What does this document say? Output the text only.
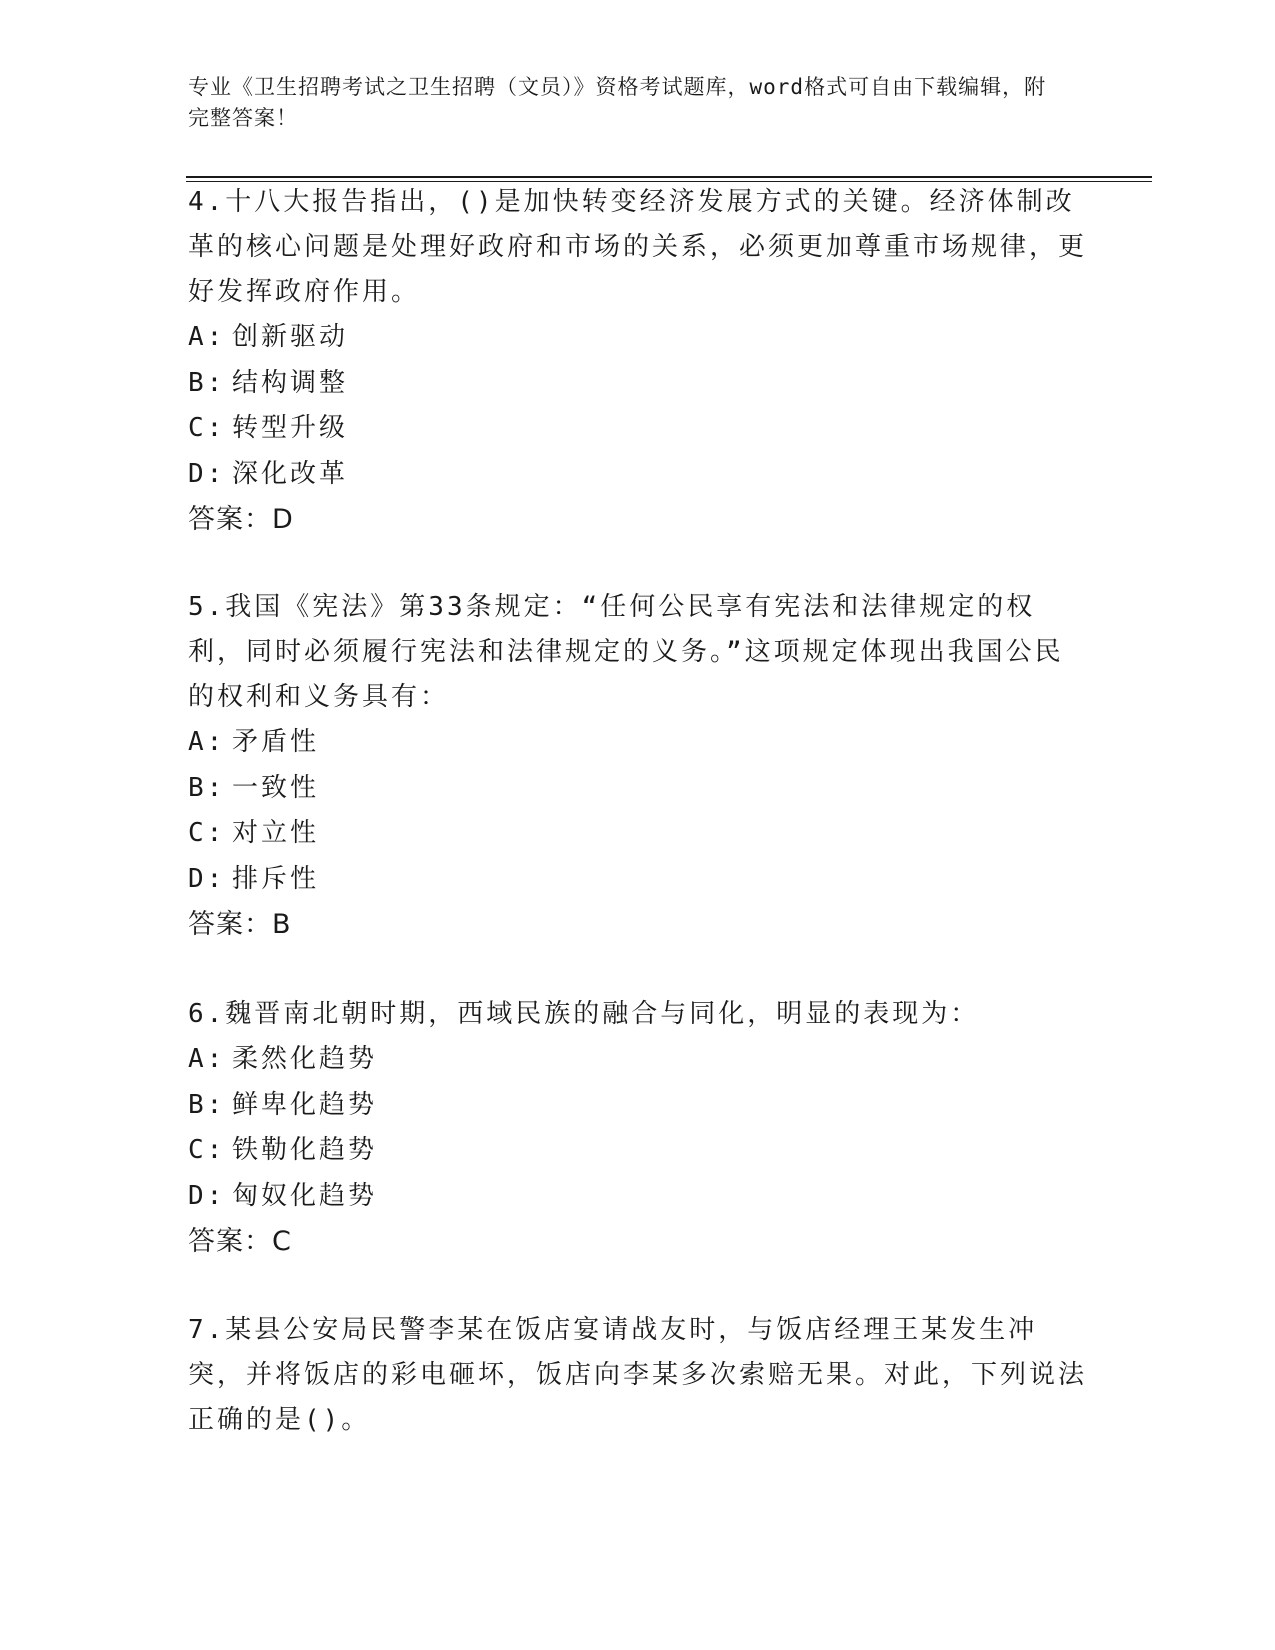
专业《卫生招聘考试之卫生招聘（文员）》资格考试题库，word格式可自由下载编辑，附完整答案！

4.十八大报告指出，()是加快转变经济发展方式的关键。经济体制改革的核心问题是处理好政府和市场的关系，必须更加尊重市场规律，更好发挥政府作用。

A: 创新驱动

B: 结构调整

C: 转型升级

D: 深化改革

答案：D

5.我国《宪法》第33条规定：“任何公民享有宪法和法律规定的权利，同时必须履行宪法和法律规定的义务。”这项规定体现出我国公民的权利和义务具有：

A: 矛盾性

B: 一致性

C: 对立性

D: 排斥性

答案：B

6.魏晋南北朝时期，西域民族的融合与同化，明显的表现为：

A: 柔然化趋势

B: 鲜卑化趋势

C: 铁勒化趋势

D: 匈奴化趋势

答案：C

7.某县公安局民警李某在饭店宴请战友时，与饭店经理王某发生冲突，并将饭店的彩电砸坏，饭店向李某多次索赔无果。对此，下列说法正确的是()。
